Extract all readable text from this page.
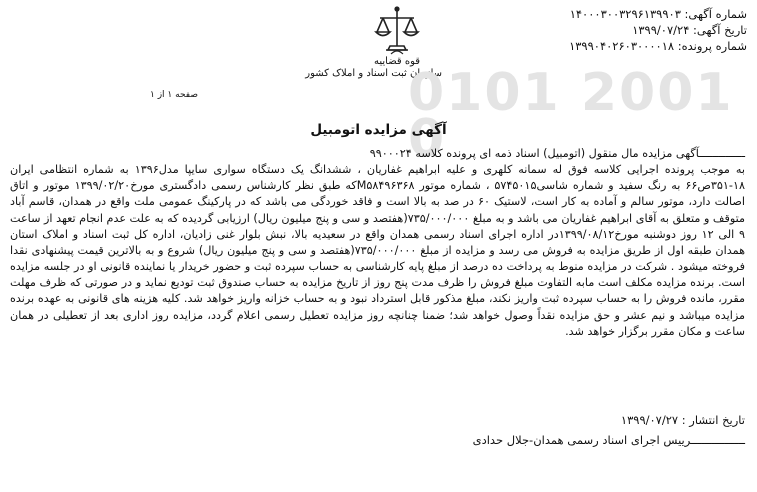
شماره آگهی: ۱۴۰۰۰۳۰۰۳۲۹۶۱۳۹۹۰۳
تاریخ آگهی: ۱۳۹۹/۰۷/۲۴
شماره پرونده: ۱۳۹۹۰۴۰۲۶۰۳۰۰۰۰۱۸
قوه قضاییه
سازمان ثبت اسناد و املاک کشور
صفحه ۱ از ۱	0101 2001 0
آگهی مزایده اتومبیل

ــــــــــــــآگهی مزایده مال منقول (اتومبیل) اسناد ذمه ای پرونده کلاسه ۹۹۰۰۰۲۴

به موجب پرونده اجرایی کلاسه فوق له سمانه کلهری و علیه ابراهیم غفاریان ، ششدانگ یک دستگاه سواری سایپا مدل۱۳۹۶ به شماره انتظامی ایران ۱۸-۳۵۱ص۶۶ به رنگ سفید و شماره شاسی۵۷۴۵۰۱۵ ، شماره موتور M۵۸۴۹۶۳۶۸که طبق نظر کارشناس رسمی دادگستری مورخ۱۳۹۹/۰۲/۲۰ موتور و اتاق اصالت دارد، موتور سالم و آماده به کار است، لاستیک ۶۰ در صد به بالا است و فاقد خوردگی می باشد که در پارکینگ عمومی ملت واقع در همدان، قاسم آباد متوقف و متعلق به آقای ابراهیم غفاریان می باشد و به مبلغ ۷۳۵/۰۰۰/۰۰۰(هفتصد و سی و پنج میلیون ریال) ارزیابی گردیده که به علت عدم انجام تعهد از ساعت ۹ الی ۱۲ روز دوشنبه مورخ۱۳۹۹/۰۸/۱۲در اداره اجرای اسناد رسمی همدان واقع در سعیدیه بالا، نبش بلوار غنی زادیان، اداره کل ثبت اسناد و املاک استان همدان طبقه اول از طریق مزایده به فروش می رسد و مزایده از مبلغ ۷۳۵/۰۰۰/۰۰۰(هفتصد و سی و پنج میلیون ریال) شروع و به بالاترین قیمت پیشنهادی نقدا فروخته میشود . شرکت در مزایده منوط به پرداخت ده درصد از مبلغ پایه کارشناسی به حساب سپرده ثبت و حضور خریدار یا نماینده قانونی او در جلسه مزایده است. برنده مزایده مکلف است مابه التفاوت مبلغ فروش را ظرف مدت پنج روز از تاریخ مزایده به حساب صندوق ثبت تودیع نماید و در صورتی که ظرف مهلت مقرر، مانده فروش را به حساب سپرده ثبت واریز نکند، مبلغ مذکور قابل استرداد نبود و به حساب خزانه واریز خواهد شد. کلیه هزینه های قانونی به عهده برنده مزایده میباشد و نیم عشر و حق مزایده نقداً وصول خواهد شد؛ ضمنا چنانچه روز مزایده تعطیل رسمی اعلام گردد، مزایده روز اداری بعد از تعطیلی در همان ساعت و مکان مقرر برگزار خواهد شد.

تاریخ انتشار : ۱۳۹۹/۰۷/۲۷
ــــــــــــــــرییس اجرای اسناد رسمی همدان-جلال حدادی
